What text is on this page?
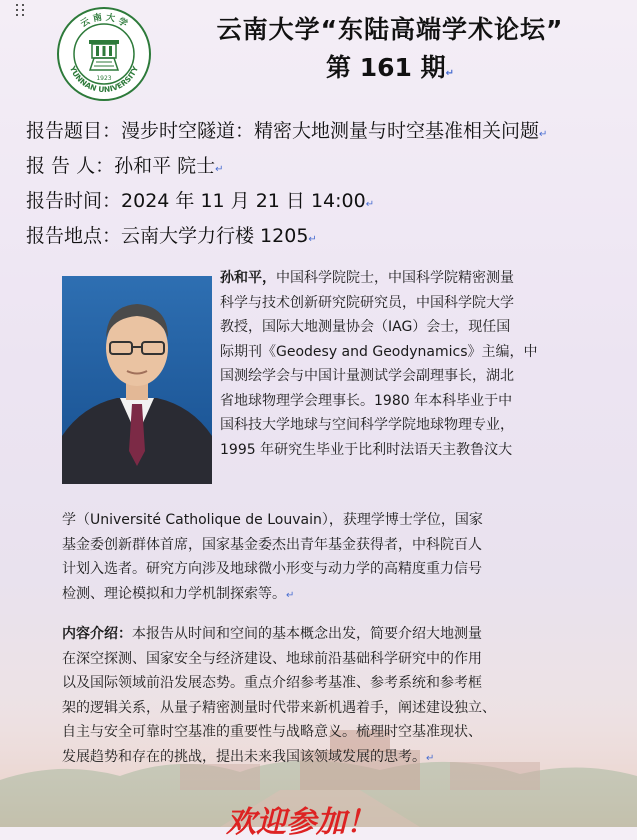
云 南 大 学
YUNNAN UNIVERSITY
1923
云南大学“东陆高端学术论坛”
第 161 期↵
报告题目：漫步时空隧道：精密大地测量与时空基准相关问题↵
报 告 人：孙和平 院士↵
报告时间：2024 年 11 月 21 日 14:00↵
报告地点：云南大学力行楼 1205↵
孙和平，中国科学院院士，中国科学院精密测量
科学与技术创新研究院研究员，中国科学院大学
教授，国际大地测量协会（IAG）会士，现任国
际期刊《Geodesy and Geodynamics》主编，中
国测绘学会与中国计量测试学会副理事长，湖北
省地球物理学会理事长。1980 年本科毕业于中
国科技大学地球与空间科学学院地球物理专业，
1995 年研究生毕业于比利时法语天主教鲁汶大
学（Université Catholique de Louvain），获理学博士学位，国家
基金委创新群体首席，国家基金委杰出青年基金获得者，中科院百人
计划入选者。研究方向涉及地球微小形变与动力学的高精度重力信号
检测、理论模拟和力学机制探索等。↵
内容介绍：本报告从时间和空间的基本概念出发，简要介绍大地测量
在深空探测、国家安全与经济建设、地球前沿基础科学研究中的作用
以及国际领域前沿发展态势。重点介绍参考基准、参考系统和参考框
架的逻辑关系，从量子精密测量时代带来新机遇着手，阐述建设独立、
自主与安全可靠时空基准的重要性与战略意义。梳理时空基准现状、
发展趋势和存在的挑战，提出未来我国该领域发展的思考。↵
欢迎参加！
